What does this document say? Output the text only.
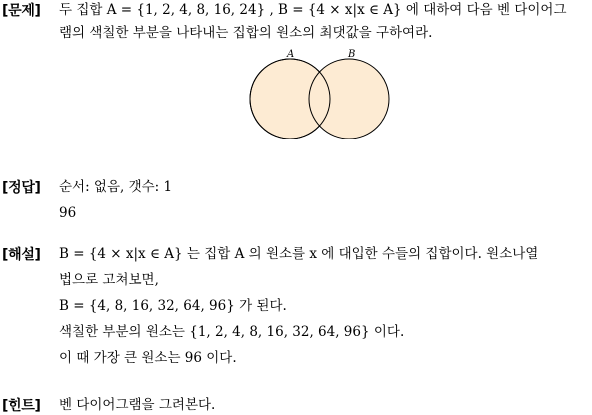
[문제] 두 집합 A = {1, 2, 4, 8, 16, 24} , B = {4 × x|x ∈ A} 에 대하여 다음 벤 다이어그
램의 색칠한 부분을 나타내는 집합의 원소의 최댓값을 구하여라.
A	B
[정답] 순서: 없음, 갯수: 1
96
[해설] B = {4 × x|x ∈ A} 는 집합 A 의 원소를 x 에 대입한 수들의 집합이다. 원소나열
법으로 고쳐보면,
B = {4, 8, 16, 32, 64, 96} 가 된다.
색칠한 부분의 원소는 {1, 2, 4, 8, 16, 32, 64, 96} 이다.
이 때 가장 큰 원소는 96 이다.
[힌트] 벤 다이어그램을 그려본다.
